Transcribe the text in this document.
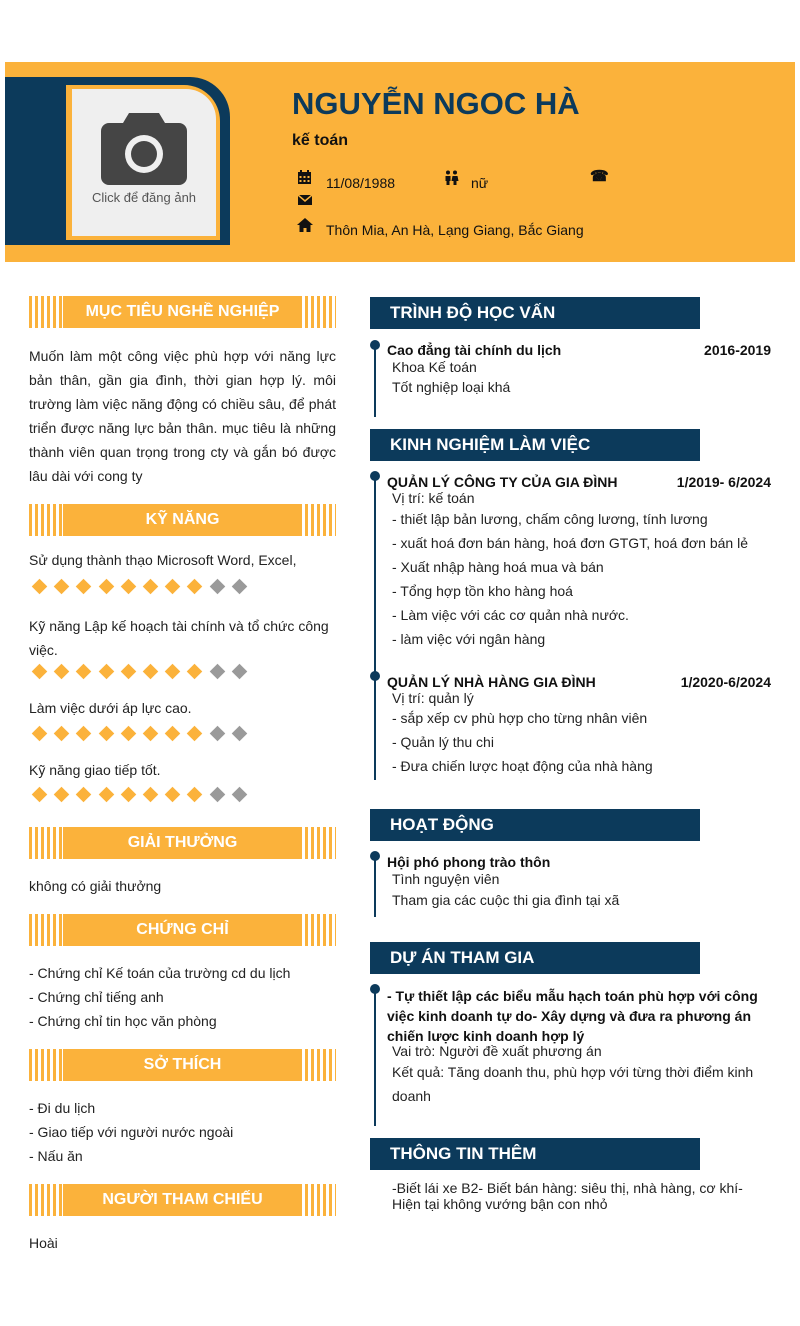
Click để đăng ảnh
NGUYỄN NGOC HÀ
kế toán
11/08/1988	nữ	☎
Thôn Mia, An Hà, Lạng Giang, Bắc Giang
MỤC TIÊU NGHỀ NGHIỆP
Muốn làm một công việc phù hợp với năng lực bản thân, gần gia đình, thời gian hợp lý. môi trường làm việc năng động có chiều sâu, để phát triển được năng lực bản thân. mục tiêu là những thành viên quan trọng trong cty và gắn bó được lâu dài với cong ty
KỸ NĂNG
Sử dụng thành thạo Microsoft Word, Excel,
Kỹ năng Lập kế hoạch tài chính và tổ chức công việc.
Làm việc dưới áp lực cao.
Kỹ năng giao tiếp tốt.
GIẢI THƯỞNG
không có giải thưởng
CHỨNG CHỈ
- Chứng chỉ Kế toán của trường cd du lịch
- Chứng chỉ tiếng anh
- Chứng chỉ tin học văn phòng
SỞ THÍCH
- Đi du lịch
- Giao tiếp với người nước ngoài
- Nấu ăn
NGƯỜI THAM CHIẾU
Hoài
TRÌNH ĐỘ HỌC VẤN
Cao đẳng tài chính du lịch	2016-2019
Khoa Kế toán
Tốt nghiệp loại khá
KINH NGHIỆM LÀM VIỆC
QUẢN LÝ CÔNG TY CỦA GIA ĐÌNH	1/2019- 6/2024
Vị trí: kế toán
- thiết lập bản lương, chấm công lương, tính lương
- xuất hoá đơn bán hàng, hoá đơn GTGT, hoá đơn bán lẻ
- Xuất nhập hàng hoá mua và bán
- Tổng hợp tồn kho hàng hoá
- Làm việc với các cơ quản nhà nước.
- làm việc với ngân hàng
QUẢN LÝ NHÀ HÀNG GIA ĐÌNH	1/2020-6/2024
Vị trí: quản lý
- sắp xếp cv phù hợp cho từng nhân viên
- Quản lý thu chi
- Đưa chiến lược hoạt động của nhà hàng
HOẠT ĐỘNG
Hội phó phong trào thôn
Tình nguyện viên
Tham gia các cuộc thi gia đình tại xã
DỰ ÁN THAM GIA
- Tự thiết lập các biểu mẫu hạch toán phù hợp với công việc kinh doanh tự do- Xây dựng và đưa ra phương án chiến lược kinh doanh hợp lý
Vai trò: Người đề xuất phương án
Kết quả: Tăng doanh thu, phù hợp với từng thời điểm kinh doanh
THÔNG TIN THÊM
-Biết lái xe B2- Biết bán hàng: siêu thị, nhà hàng, cơ khí- Hiện tại không vướng bận con nhỏ
